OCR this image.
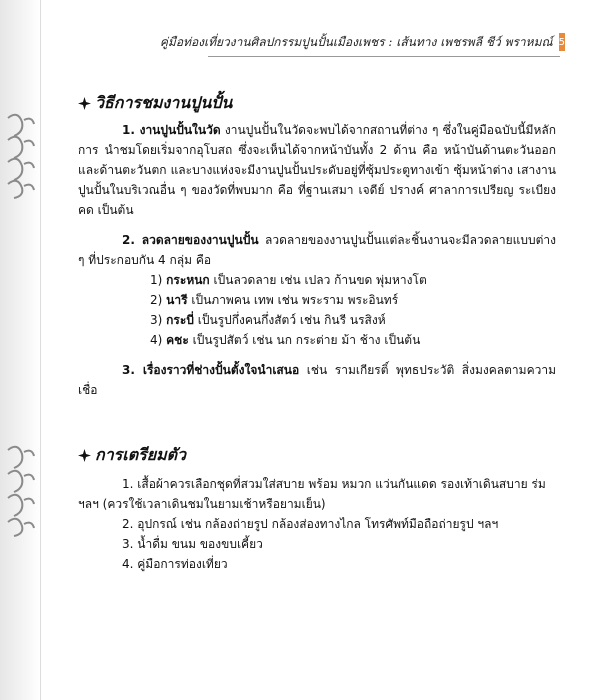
คู่มือท่องเที่ยวงานศิลปกรรมปูนปั้นเมืองเพชร : เส้นทาง เพชรพลี ชีว์ พราหมณ์ 5
วิธีการชมงานปูนปั้น

1. งานปูนปั้นในวัด งานปูนปั้นในวัดจะพบได้จากสถานที่ต่าง ๆ ซึ่งในคู่มือฉบับนี้มีหลักการ นำชมโดยเริ่มจากอุโบสถ ซึ่งจะเห็นได้จากหน้าบันทั้ง 2 ด้าน คือ หน้าบันด้านตะวันออกและด้านตะวันตก และบางแห่งจะมีงานปูนปั้นประดับอยู่ที่ซุ้มประตูทางเข้า ซุ้มหน้าต่าง เสางานปูนปั้นในบริเวณอื่น ๆ ของวัดที่พบมาก คือ ที่ฐานเสมา เจดีย์ ปรางค์ ศาลาการเปรียญ ระเบียงคด เป็นต้น

2. ลวดลายของงานปูนปั้น ลวดลายของงานปูนปั้นแต่ละชิ้นงานจะมีลวดลายแบบต่าง ๆ ที่ประกอบกัน 4 กลุ่ม คือ

1) กระหนก เป็นลวดลาย เช่น เปลว ก้านขด พุ่มหางโต
2) นารี เป็นภาพคน เทพ เช่น พระราม พระอินทร์
3) กระบี่ เป็นรูปกึ่งคนกึ่งสัตว์ เช่น กินรี นรสิงห์
4) คชะ เป็นรูปสัตว์ เช่น นก กระต่าย ม้า ช้าง เป็นต้น

3. เรื่องราวที่ช่างปั้นตั้งใจนำเสนอ เช่น รามเกียรติ์ พุทธประวัติ สิ่งมงคลตามความเชื่อ

การเตรียมตัว
1. เสื้อผ้าควรเลือกชุดที่สวมใส่สบาย พร้อม หมวก แว่นกันแดด รองเท้าเดินสบาย ร่ม ฯลฯ (ควรใช้เวลาเดินชมในยามเช้าหรือยามเย็น)
2. อุปกรณ์ เช่น กล้องถ่ายรูป กล้องส่องทางไกล โทรศัพท์มือถือถ่ายรูป ฯลฯ
3. น้ำดื่ม ขนม ของขบเคี้ยว
4. คู่มือการท่องเที่ยว
